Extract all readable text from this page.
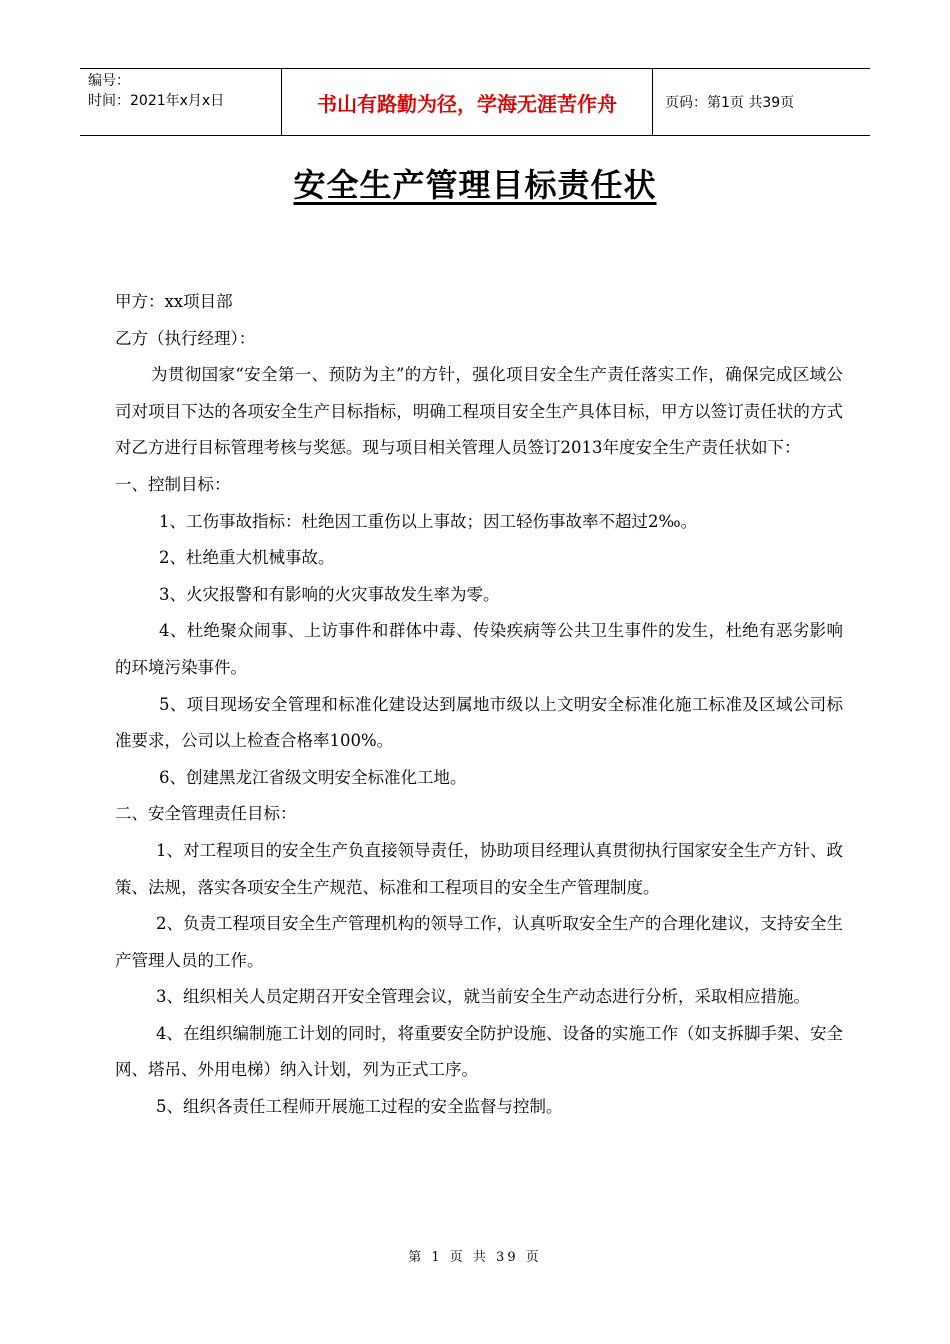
编号：
时间：2021年x月x日	书山有路勤为径，学海无涯苦作舟	页码：第1页 共39页
安全生产管理目标责任状

甲方：xx项目部

乙方（执行经理）：

为贯彻国家“安全第一、预防为主”的方针，强化项目安全生产责任落实工作，确保完成区域公司对项目下达的各项安全生产目标指标，明确工程项目安全生产具体目标，甲方以签订责任状的方式对乙方进行目标管理考核与奖惩。现与项目相关管理人员签订2013年度安全生产责任状如下：

一、控制目标：

1、工伤事故指标：杜绝因工重伤以上事故；因工轻伤事故率不超过2‰。

2、杜绝重大机械事故。

3、火灾报警和有影响的火灾事故发生率为零。

4、杜绝聚众闹事、上访事件和群体中毒、传染疾病等公共卫生事件的发生，杜绝有恶劣影响的环境污染事件。

5、项目现场安全管理和标准化建设达到属地市级以上文明安全标准化施工标准及区域公司标准要求，公司以上检查合格率100%。

6、创建黑龙江省级文明安全标准化工地。

二、安全管理责任目标：

1、对工程项目的安全生产负直接领导责任，协助项目经理认真贯彻执行国家安全生产方针、政策、法规，落实各项安全生产规范、标准和工程项目的安全生产管理制度。

2、负责工程项目安全生产管理机构的领导工作，认真听取安全生产的合理化建议，支持安全生产管理人员的工作。

3、组织相关人员定期召开安全管理会议，就当前安全生产动态进行分析，采取相应措施。

4、在组织编制施工计划的同时，将重要安全防护设施、设备的实施工作（如支拆脚手架、安全网、塔吊、外用电梯）纳入计划，列为正式工序。

5、组织各责任工程师开展施工过程的安全监督与控制。

第 1 页 共 39 页
